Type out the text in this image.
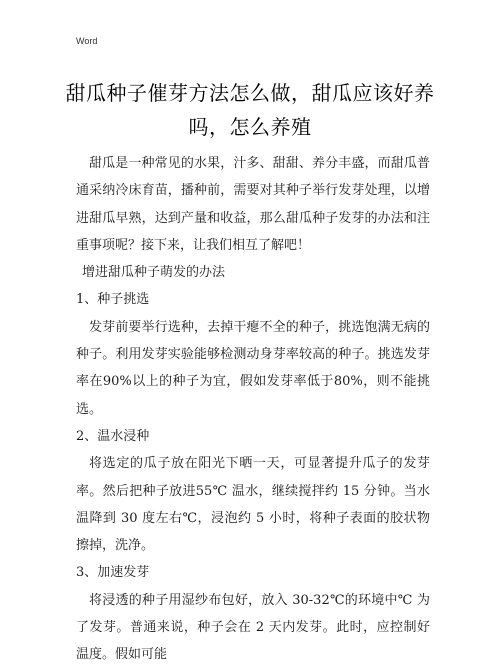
Word
甜瓜种子催芽方法怎么做，甜瓜应该好养
吗，怎么养殖

甜瓜是一种常见的水果，汁多、甜甜、养分丰盛，而甜瓜普通采纳冷床育苗，播种前，需要对其种子举行发芽处理，以增进甜瓜早熟，达到产量和收益，那么甜瓜种子发芽的办法和注重事项呢？接下来，让我们相互了解吧！

增进甜瓜种子萌发的办法

1、种子挑选

发芽前要举行选种，去掉干瘪不全的种子，挑选饱满无病的种子。利用发芽实验能够检测动身芽率较高的种子。挑选发芽率在90%以上的种子为宜，假如发芽率低于80%，则不能挑选。

2、温水浸种

将选定的瓜子放在阳光下晒一天，可显著提升瓜子的发芽率。然后把种子放进55℃ 温水，继续搅拌约 15 分钟。当水温降到 30 度左右℃，浸泡约 5 小时，将种子表面的胶状物擦掉，洗净。

3、加速发芽

将浸透的种子用湿纱布包好，放入 30-32℃的环境中℃ 为了发芽。普通来说，种子会在 2 天内发芽。此时，应控制好温度。假如可能
